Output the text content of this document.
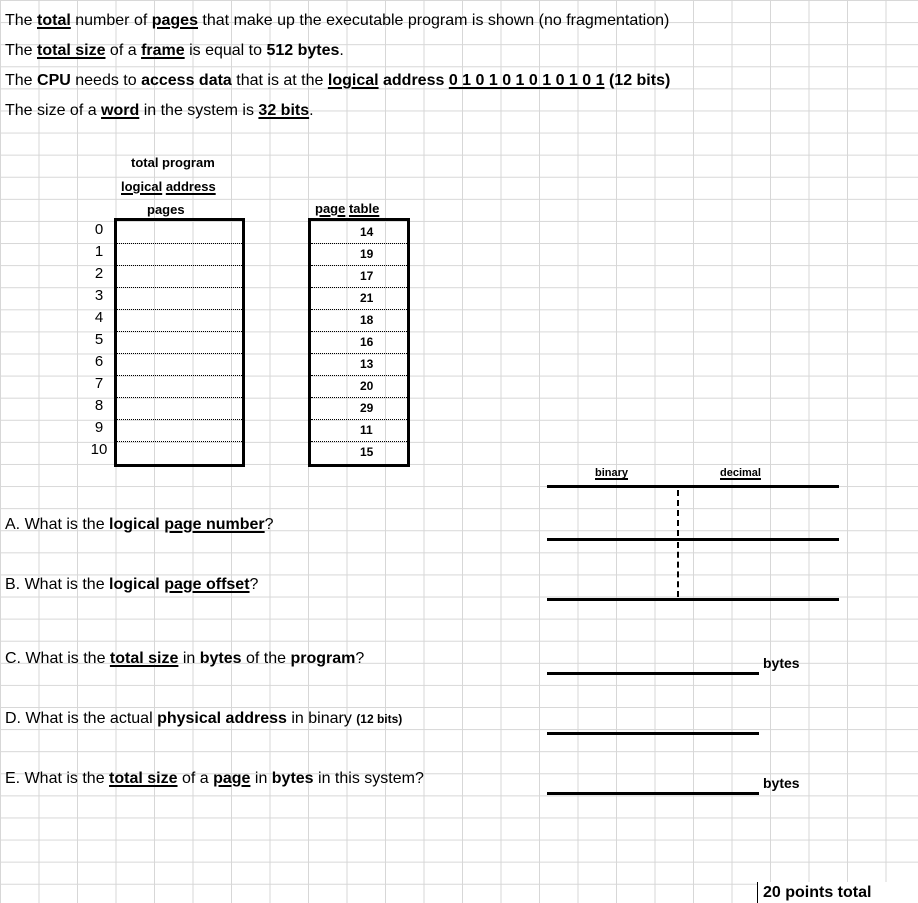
The total number of pages that make up the executable program is shown (no fragmentation)
The total size of a frame is equal to 512 bytes.
The CPU needs to access data that is at the logical address 0 1 0 1 0 1 0 1 0 1 0 1 (12 bits)
The size of a word in the system is 32 bits.
total program
logical address
pages
0
1
2
3
4
5
6
7
8
9
10
page table
14
19
17
21
18
16
13
20
29
11
15
binary	decimal
bytes
bytes
A. What is the logical page number?
B. What is the logical page offset?
C. What is the total size in bytes of the program?
D. What is the actual physical address in binary (12 bits)
E. What is the total size of a page in bytes in this system?
20 points total
